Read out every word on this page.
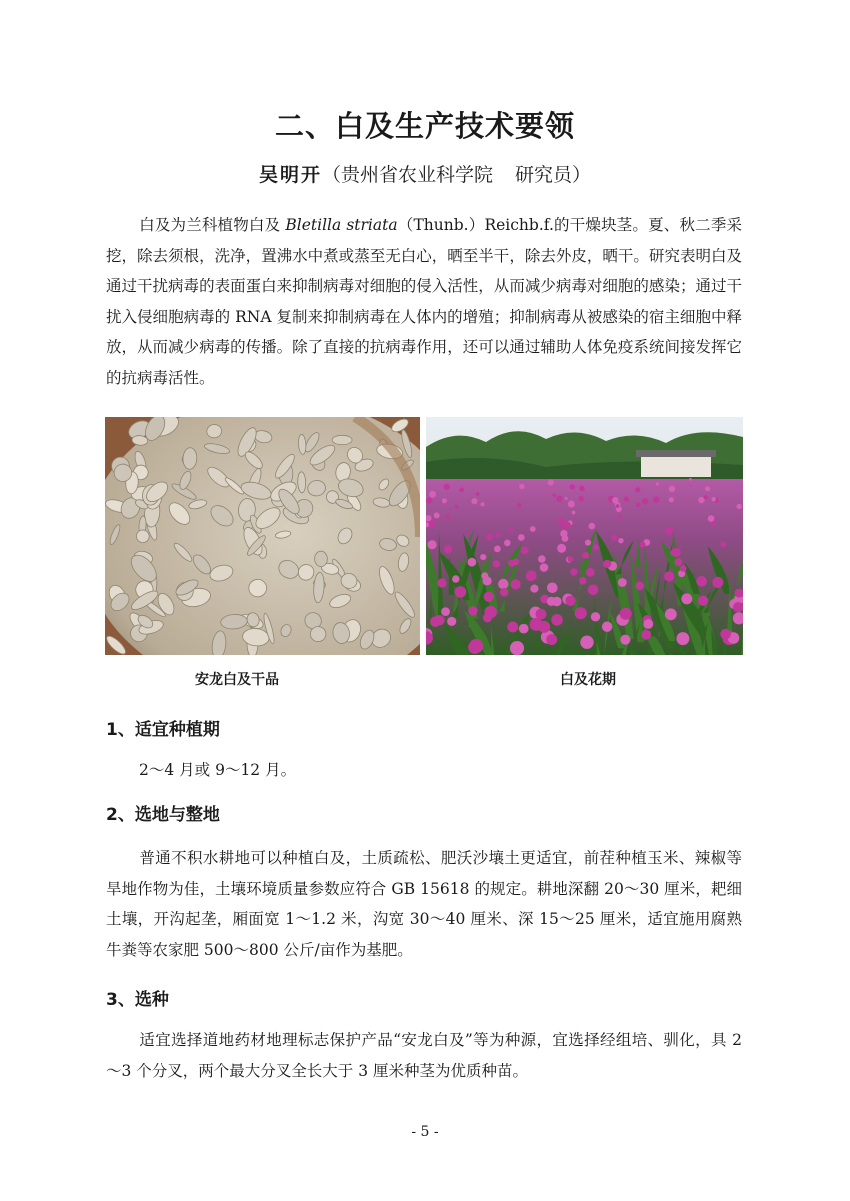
二、白及生产技术要领

吴明开（贵州省农业科学院 研究员）

白及为兰科植物白及 Bletilla striata（Thunb.）Reichb.f.的干燥块茎。夏、秋二季采挖，除去须根，洗净，置沸水中煮或蒸至无白心，晒至半干，除去外皮，晒干。研究表明白及通过干扰病毒的表面蛋白来抑制病毒对细胞的侵入活性，从而减少病毒对细胞的感染；通过干扰入侵细胞病毒的 RNA 复制来抑制病毒在人体内的增殖；抑制病毒从被感染的宿主细胞中释放，从而减少病毒的传播。除了直接的抗病毒作用，还可以通过辅助人体免疫系统间接发挥它的抗病毒活性。

安龙白及干品	白及花期

1、适宜种植期

2～4 月或 9～12 月。

2、选地与整地

普通不积水耕地可以种植白及，土质疏松、肥沃沙壤土更适宜，前茬种植玉米、辣椒等旱地作物为佳，土壤环境质量参数应符合 GB 15618 的规定。耕地深翻 20～30 厘米，耙细土壤，开沟起垄，厢面宽 1～1.2 米，沟宽 30～40 厘米、深 15～25 厘米，适宜施用腐熟牛粪等农家肥 500～800 公斤/亩作为基肥。

3、选种

适宜选择道地药材地理标志保护产品“安龙白及”等为种源，宜选择经组培、驯化，具 2～3 个分叉，两个最大分叉全长大于 3 厘米种茎为优质种苗。

- 5 -
